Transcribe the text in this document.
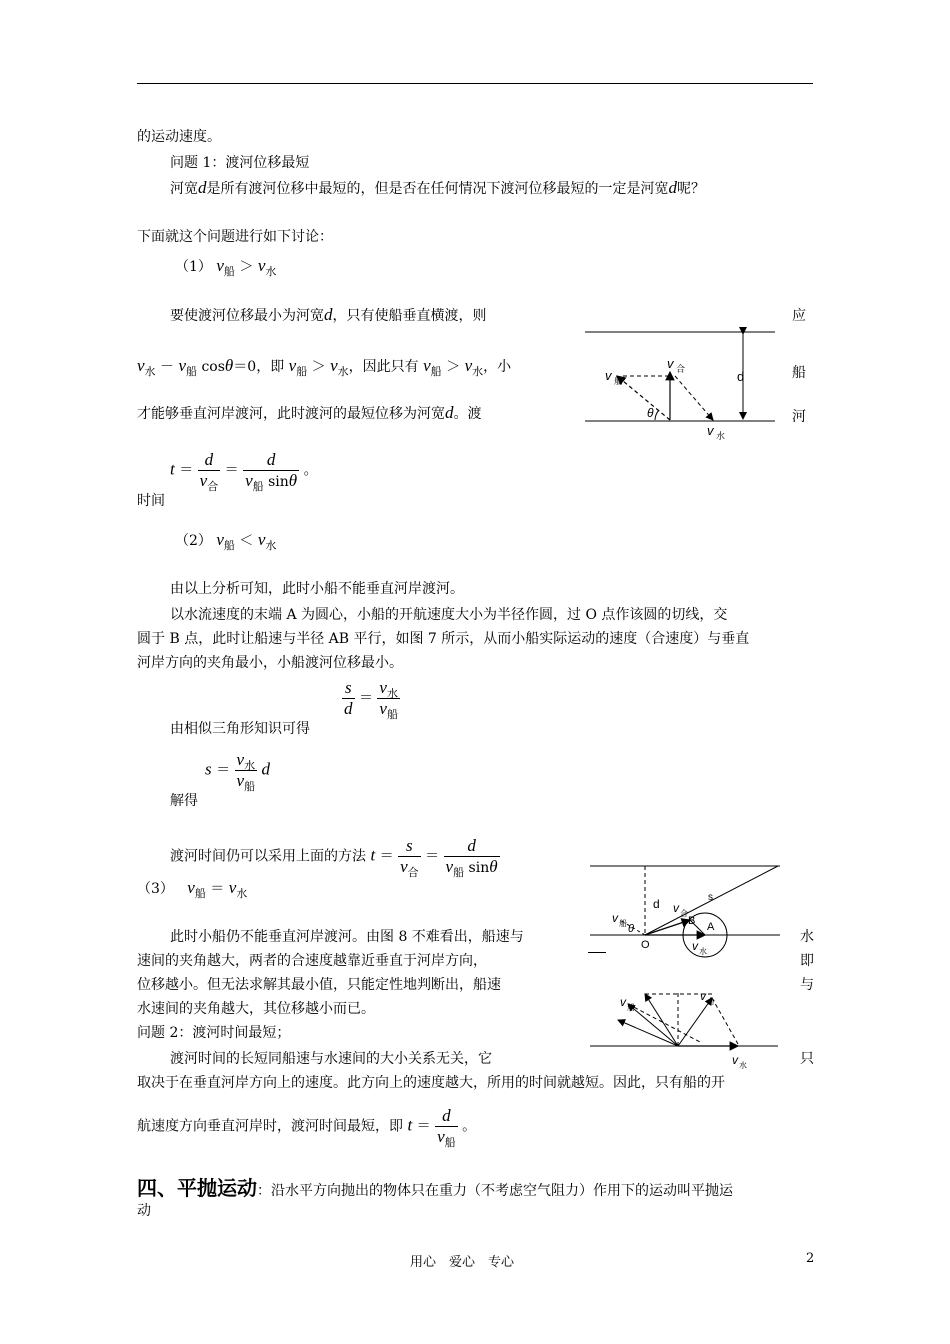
的运动速度。
问题 1：渡河位移最短
河宽d是所有渡河位移中最短的，但是否在任何情况下渡河位移最短的一定是河宽d呢？
下面就这个问题进行如下讨论：
（1） $v_船 > v_水$
要使渡河位移最小为河宽d，只有使船垂直横渡，则	应
$v_水 - v_船$ cosθ＝0，即 $v_船 > v_水$，因此只有 $v_船 > v_水$，小	船
才能够垂直河岸渡河，此时渡河的最短位移为河宽d。渡	河
v 船
v 合	d
θ
v 水
时间
$t = \frac{d}{v_合} = \frac{d}{v_船 \sin\theta}$ 。
（2） $v_船 < v_水$
由以上分析可知，此时小船不能垂直河岸渡河。
以水流速度的末端 A 为圆心，小船的开航速度大小为半径作圆，过 O 点作该圆的切线，交
圆于 B 点，此时让船速与半径 AB 平行，如图 7 所示，从而小船实际运动的速度（合速度）与垂直
河岸方向的夹角最小，小船渡河位移最小。
由相似三角形知识可得
$\frac{s}{d} = \frac{v_水}{v_船}$
解得
$s = \frac{v_水}{v_船}$ d
渡河时间仍可以采用上面的方法 $t = \frac{s}{v_合} = \frac{d}{v_船 \sin\theta}$
（3） $v_船 = v_水$
d	s
v 合
v 船	B A
θ
O	v 水
此时小船仍不能垂直河岸渡河。由图 8 不难看出，船速与	水
速间的夹角越大，两者的合速度越靠近垂直于河岸方向，	即
位移越小。但无法求解其最小值，只能定性地判断出，船速	与
水速间的夹角越大，其位移越小而已。	v 船
v 合
v 水
问题 2：渡河时间最短；
渡河时间的长短同船速与水速间的大小关系无关，它	只
取决于在垂直河岸方向上的速度。此方向上的速度越大，所用的时间就越短。因此，只有船的开
航速度方向垂直河岸时，渡河时间最短，即 $t = \frac{d}{v_船}$ 。
四、平抛运动：沿水平方向抛出的物体只在重力（不考虑空气阻力）作用下的运动叫平抛运
动
用心　爱心　专心	2
